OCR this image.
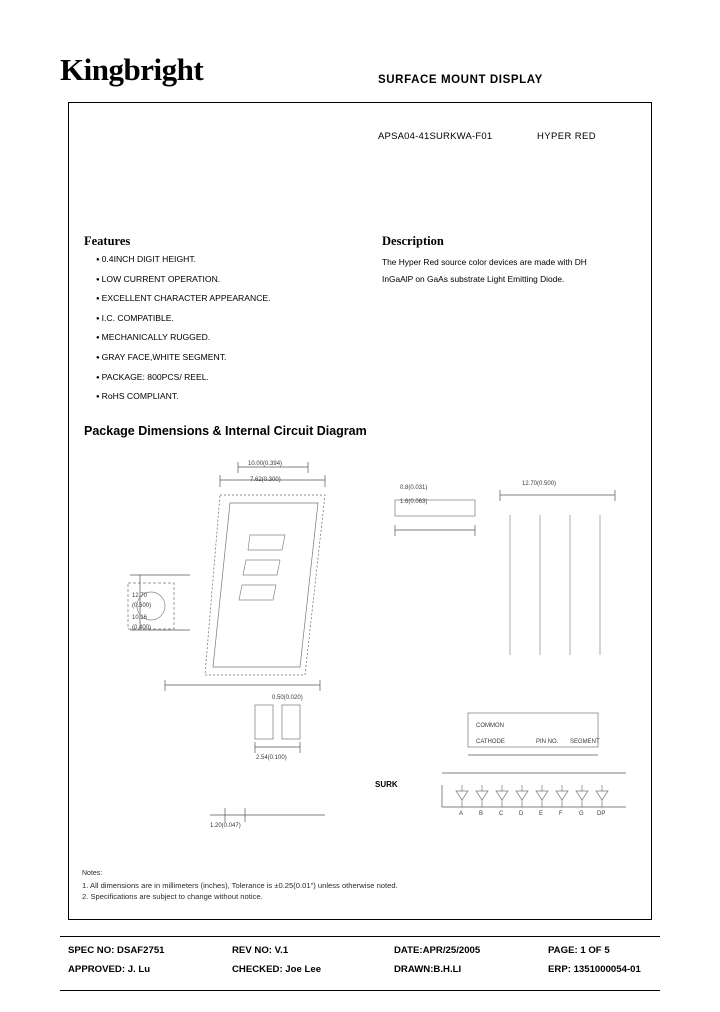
Kingbright	SURFACE MOUNT DISPLAY
APSA04-41SURKWA-F01	HYPER RED
Features
● 0.4INCH DIGIT HEIGHT.
● LOW CURRENT OPERATION.
● EXCELLENT CHARACTER APPEARANCE.
● I.C. COMPATIBLE.
● MECHANICALLY RUGGED.
● GRAY FACE,WHITE SEGMENT.
● PACKAGE: 800PCS/ REEL.
● RoHS COMPLIANT.
Description
The Hyper Red source color devices are made with DH InGaAlP on GaAs substrate Light Emitting Diode.
Package Dimensions & Internal Circuit Diagram
10.00(0.394)
7.62(0.300)
0.8(0.031)
1.6(0.063)
12.70(0.500)
12.70
(0.500)
10.16
(0.400)
2.54(0.100)
0.50(0.020)
1.20(0.047)
COMMON
CATHODE	PIN NO. SEGMENT
SURK
A	B	C	D	E	F	G DP
Notes:
1. All dimensions are in millimeters (inches), Tolerance is ±0.25(0.01") unless otherwise noted.
2. Specifications are subject to change without notice.
SPEC NO: DSAF2751	REV NO: V.1	DATE:APR/25/2005	PAGE: 1 OF 5
APPROVED: J. Lu	CHECKED: Joe Lee	DRAWN:B.H.LI	ERP: 1351000054-01
